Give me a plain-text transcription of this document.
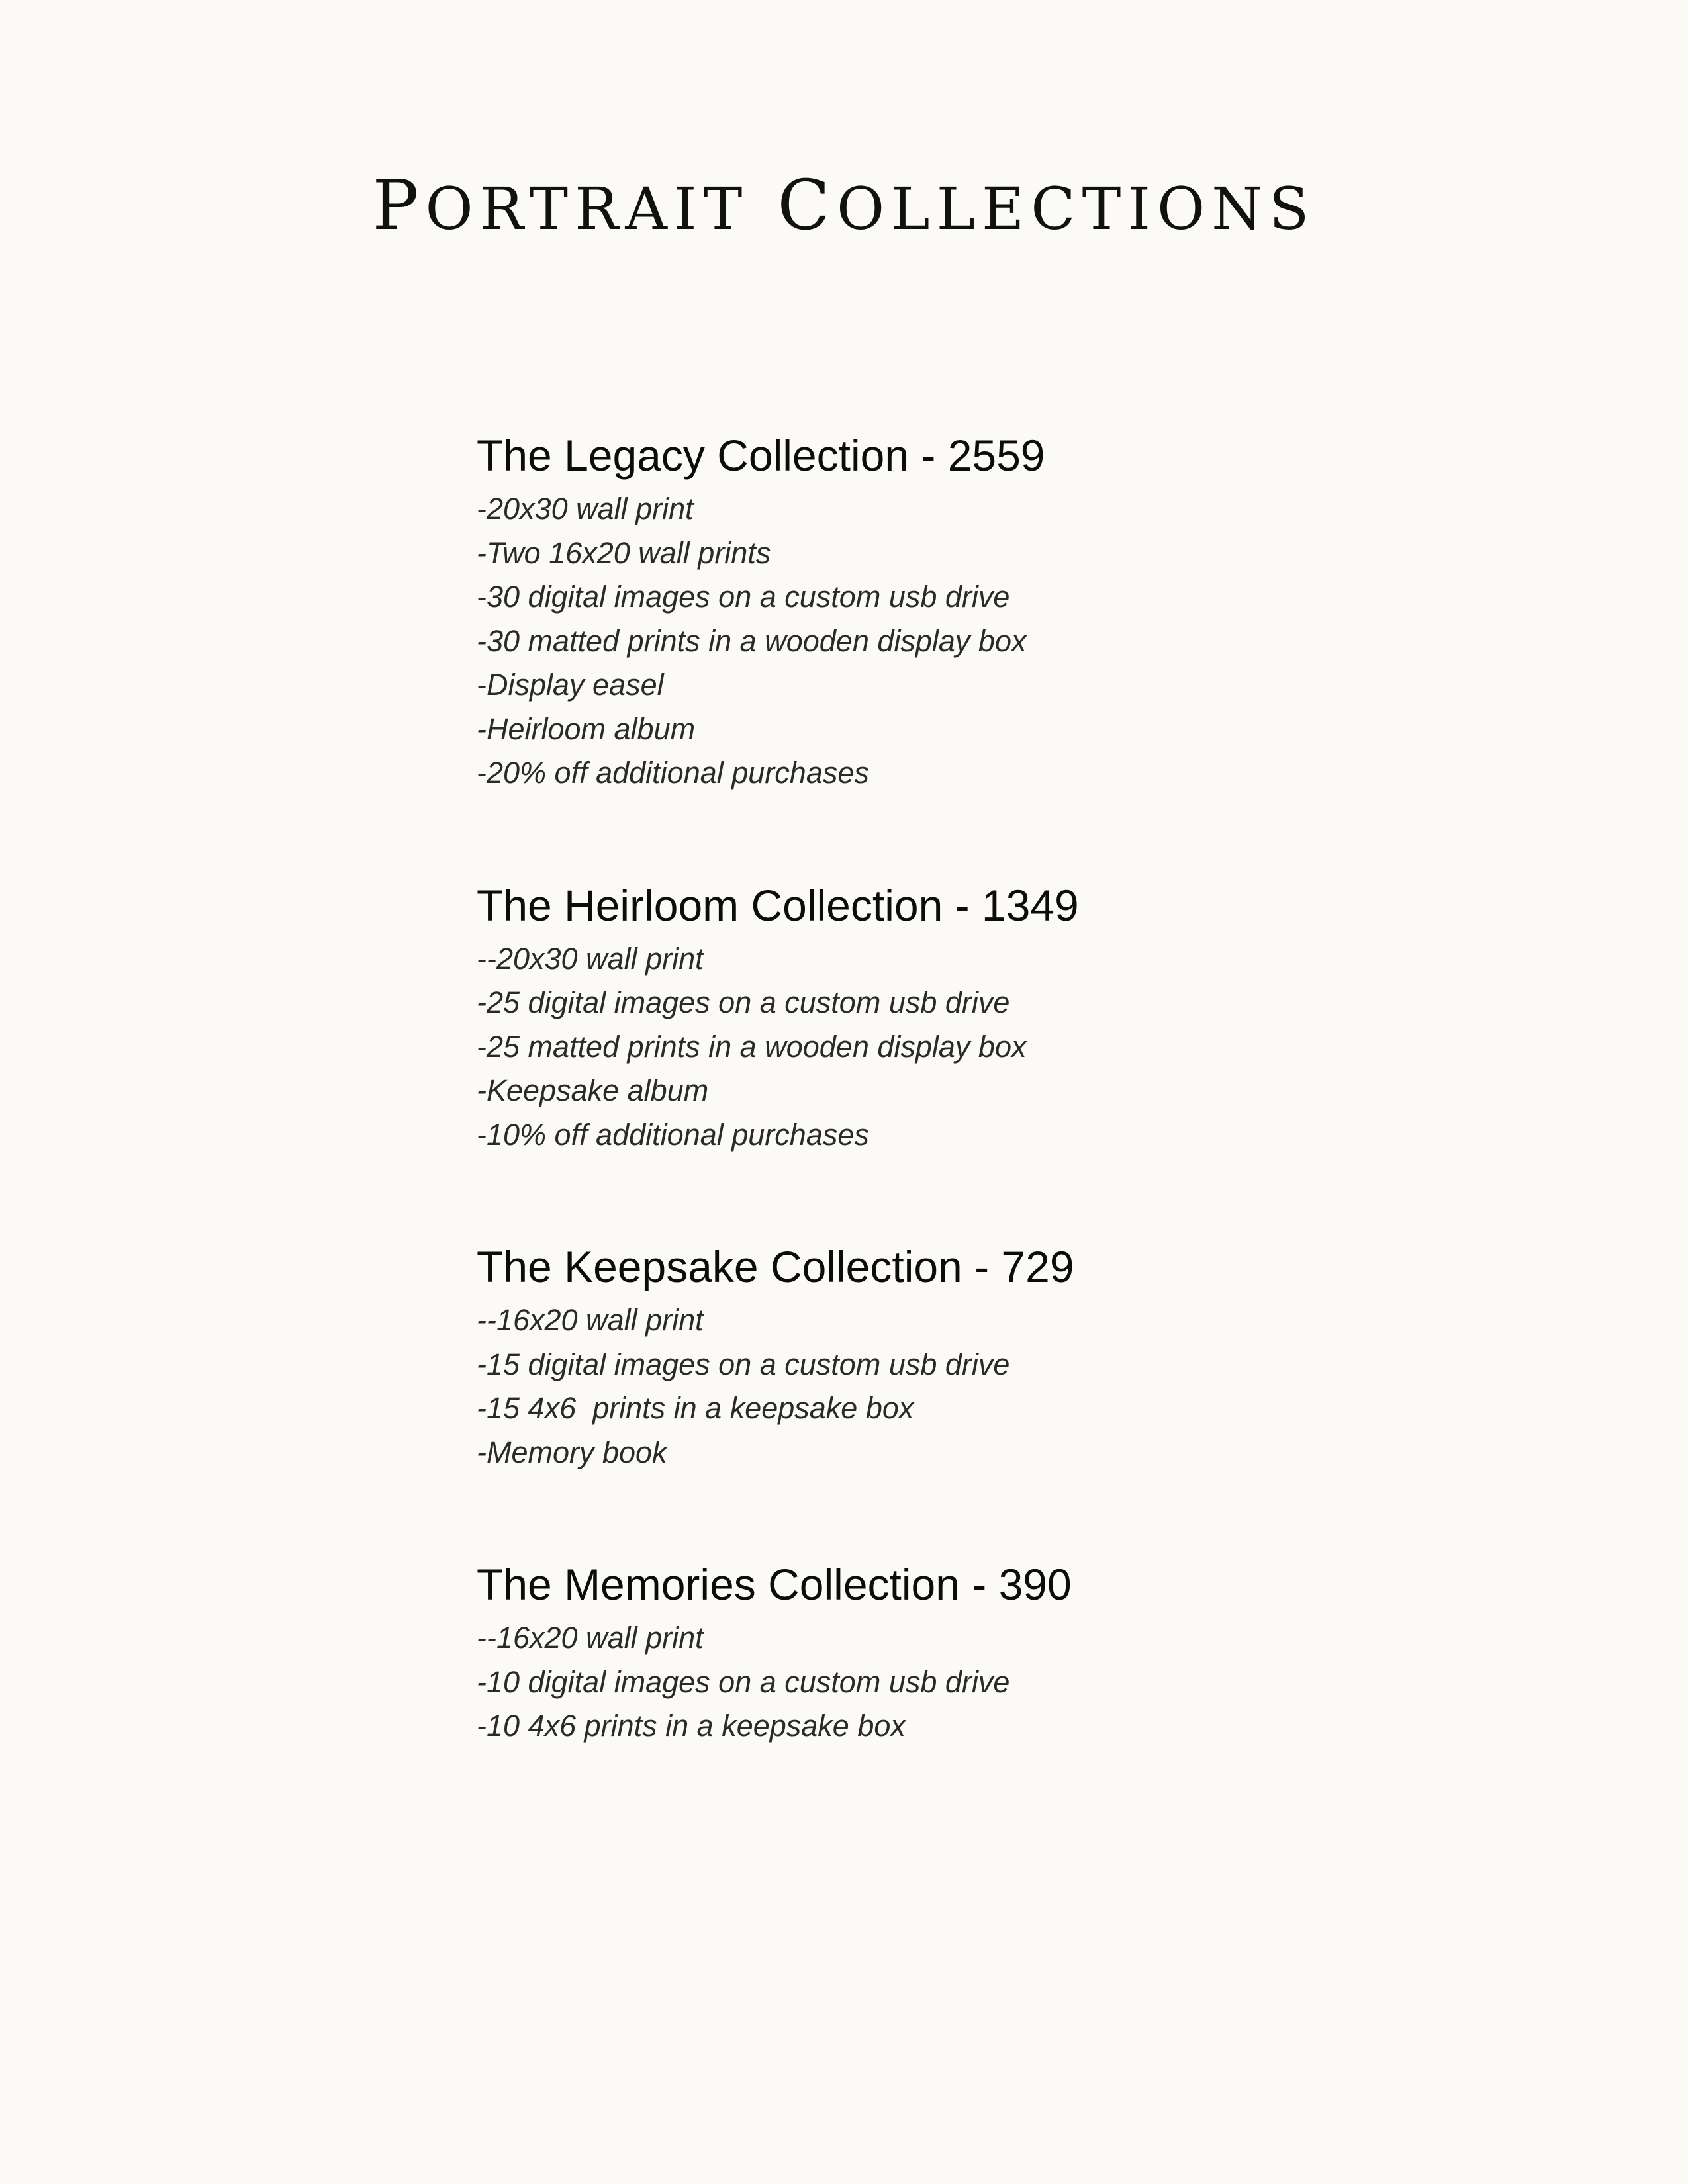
PORTRAIT COLLECTIONS
The Legacy Collection - 2559
-20x30 wall print
-Two 16x20 wall prints
-30 digital images on a custom usb drive
-30 matted prints in a wooden display box
-Display easel
-Heirloom album
-20% off additional purchases
The Heirloom Collection - 1349
--20x30 wall print
-25 digital images on a custom usb drive
-25 matted prints in a wooden display box
-Keepsake album
-10% off additional purchases
The Keepsake Collection - 729
--16x20 wall print
-15 digital images on a custom usb drive
-15 4x6  prints in a keepsake box
-Memory book
The Memories Collection - 390
--16x20 wall print
-10 digital images on a custom usb drive
-10 4x6 prints in a keepsake box
